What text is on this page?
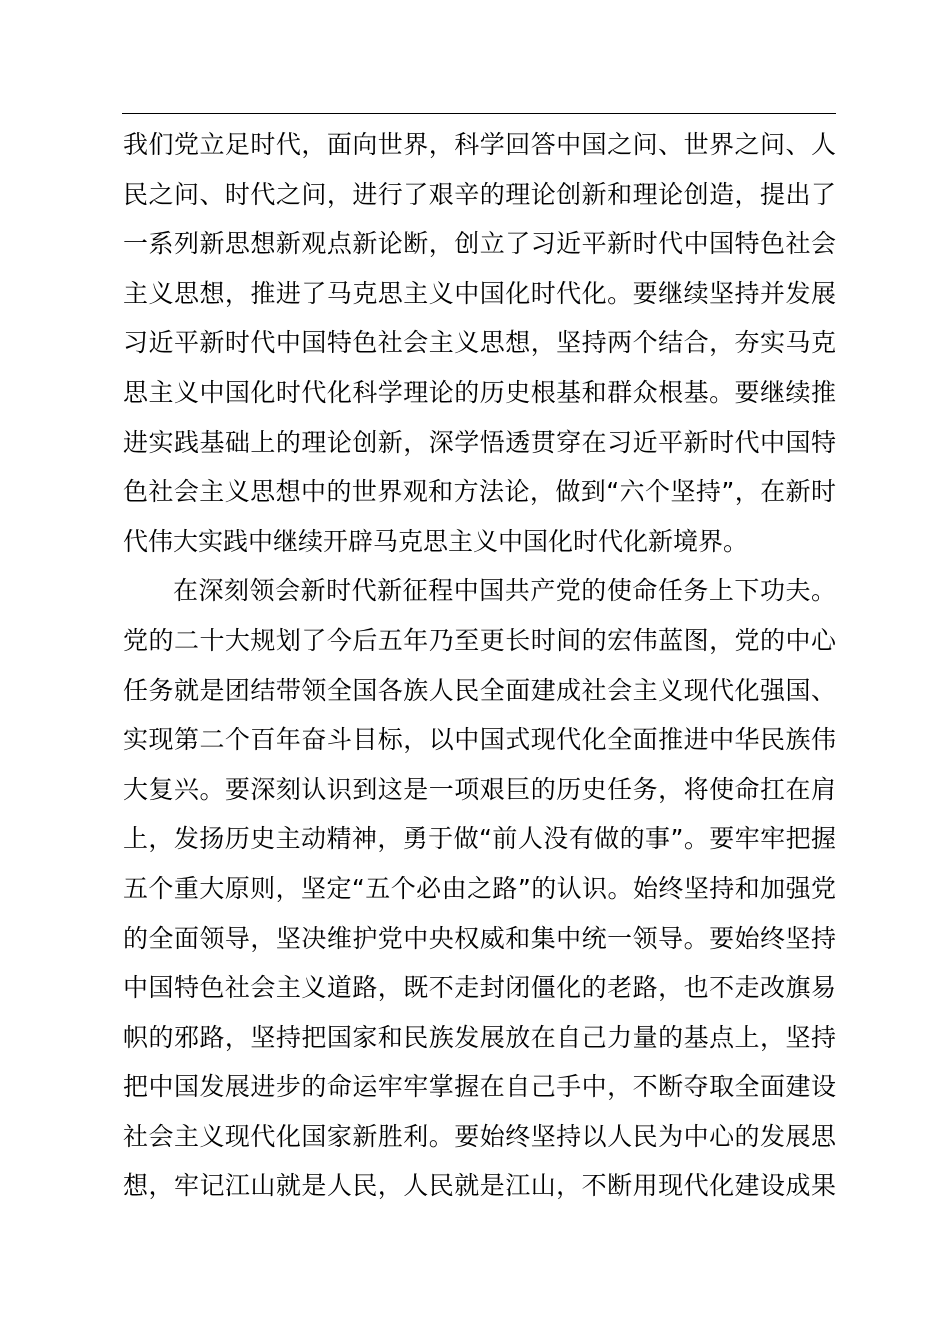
我们党立足时代，面向世界，科学回答中国之问、世界之问、人
民之问、时代之问，进行了艰辛的理论创新和理论创造，提出了
一系列新思想新观点新论断，创立了习近平新时代中国特色社会
主义思想，推进了马克思主义中国化时代化。要继续坚持并发展
习近平新时代中国特色社会主义思想，坚持两个结合，夯实马克
思主义中国化时代化科学理论的历史根基和群众根基。要继续推
进实践基础上的理论创新，深学悟透贯穿在习近平新时代中国特
色社会主义思想中的世界观和方法论，做到“六个坚持”，在新时
代伟大实践中继续开辟马克思主义中国化时代化新境界。
在深刻领会新时代新征程中国共产党的使命任务上下功夫。
党的二十大规划了今后五年乃至更长时间的宏伟蓝图，党的中心
任务就是团结带领全国各族人民全面建成社会主义现代化强国、
实现第二个百年奋斗目标，以中国式现代化全面推进中华民族伟
大复兴。要深刻认识到这是一项艰巨的历史任务，将使命扛在肩
上，发扬历史主动精神，勇于做“前人没有做的事”。要牢牢把握
五个重大原则，坚定“五个必由之路”的认识。始终坚持和加强党
的全面领导，坚决维护党中央权威和集中统一领导。要始终坚持
中国特色社会主义道路，既不走封闭僵化的老路，也不走改旗易
帜的邪路，坚持把国家和民族发展放在自己力量的基点上，坚持
把中国发展进步的命运牢牢掌握在自己手中，不断夺取全面建设
社会主义现代化国家新胜利。要始终坚持以人民为中心的发展思
想，牢记江山就是人民，人民就是江山，不断用现代化建设成果
